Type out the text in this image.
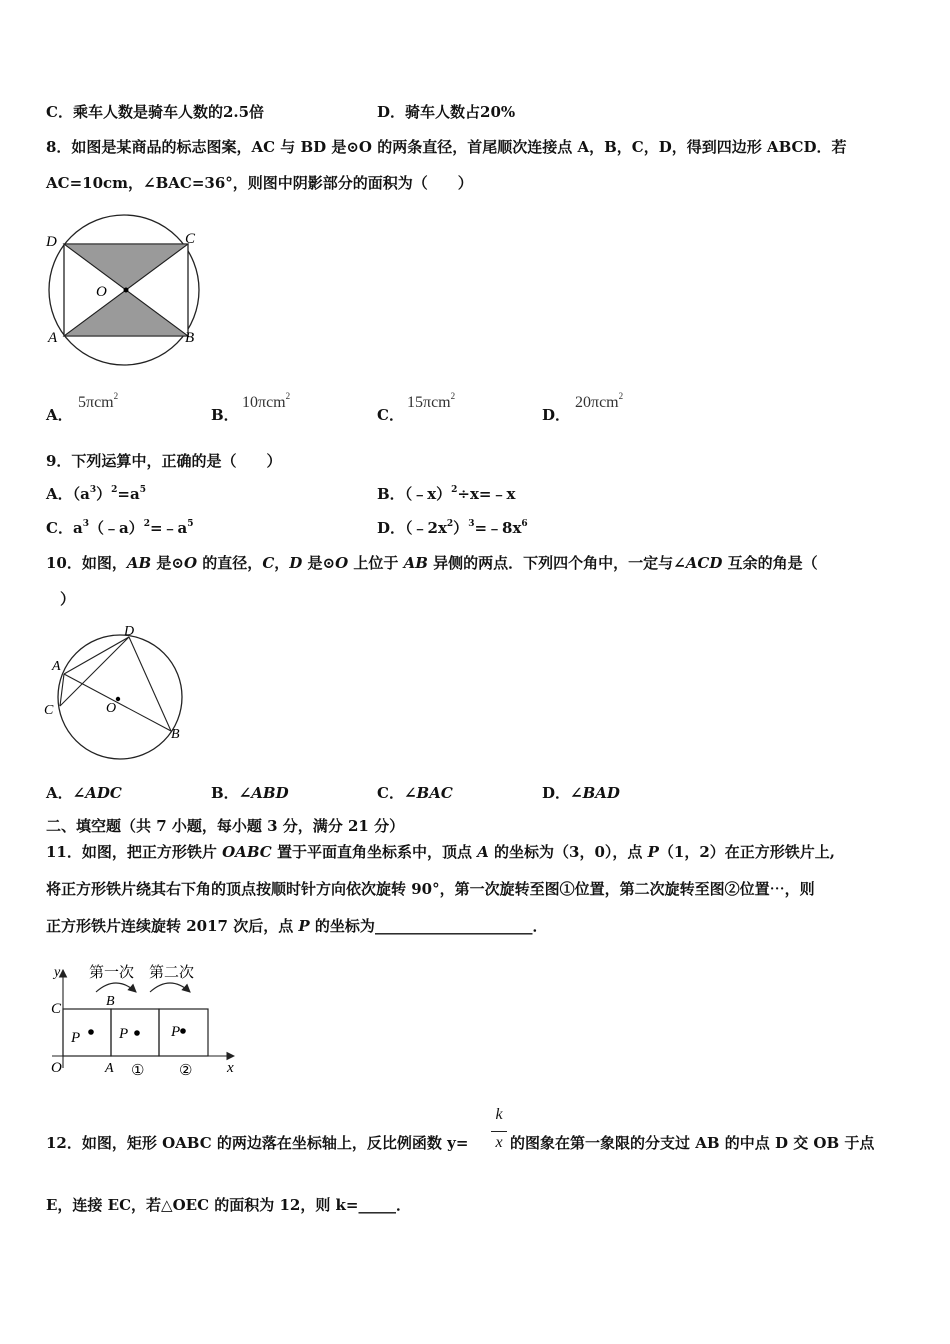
C．乘车人数是骑车人数的2.5倍	D．骑车人数占20%
8．如图是某商品的标志图案，AC 与 BD 是⊙O 的两条直径，首尾顺次连接点 A，B，C，D，得到四边形 ABCD．若
AC=10cm，∠BAC=36°，则图中阴影部分的面积为（　　）
D	C
O
A	B
A．
5πcm$^2$
B．
10πcm$^2$
C．
15πcm$^2$
D．
20πcm$^2$
9．下列运算中，正确的是（　　）
A．$(a^3)^2=a^5$	B．（﹣x）$^2$÷x=﹣x
C．$a^3(﹣a)^2=﹣a^5$	D．$(﹣2x^2)^3=﹣8x^6$
10．如图，AB 是⊙O 的直径，C，D 是⊙O 上位于 AB 异侧的两点．下列四个角中，一定与∠ACD 互余的角是（
）
D
A
C	O
B
A．∠ADC	B．∠ABD	C．∠BAC	D．∠BAD
二、填空题（共 7 小题，每小题 3 分，满分 21 分）
11．如图，把正方形铁片 OABC 置于平面直角坐标系中，顶点 A 的坐标为（3，0），点 P（1，2）在正方形铁片上,
将正方形铁片绕其右下角的顶点按顺时针方向依次旋转 90°，第一次旋转至图①位置，第二次旋转至图②位置⋯，则
正方形铁片连续旋转 2017 次后，点 P 的坐标为_____________________．
y 第一次 第二次
C	B
P	P	P
O	A ① ② x
12．如图，矩形 OABC 的两边落在坐标轴上，反比例函数 y=
k
x 的图象在第一象限的分支过 AB 的中点 D 交 OB 于点
E，连接 EC，若△OEC 的面积为 12，则 k=_____．
